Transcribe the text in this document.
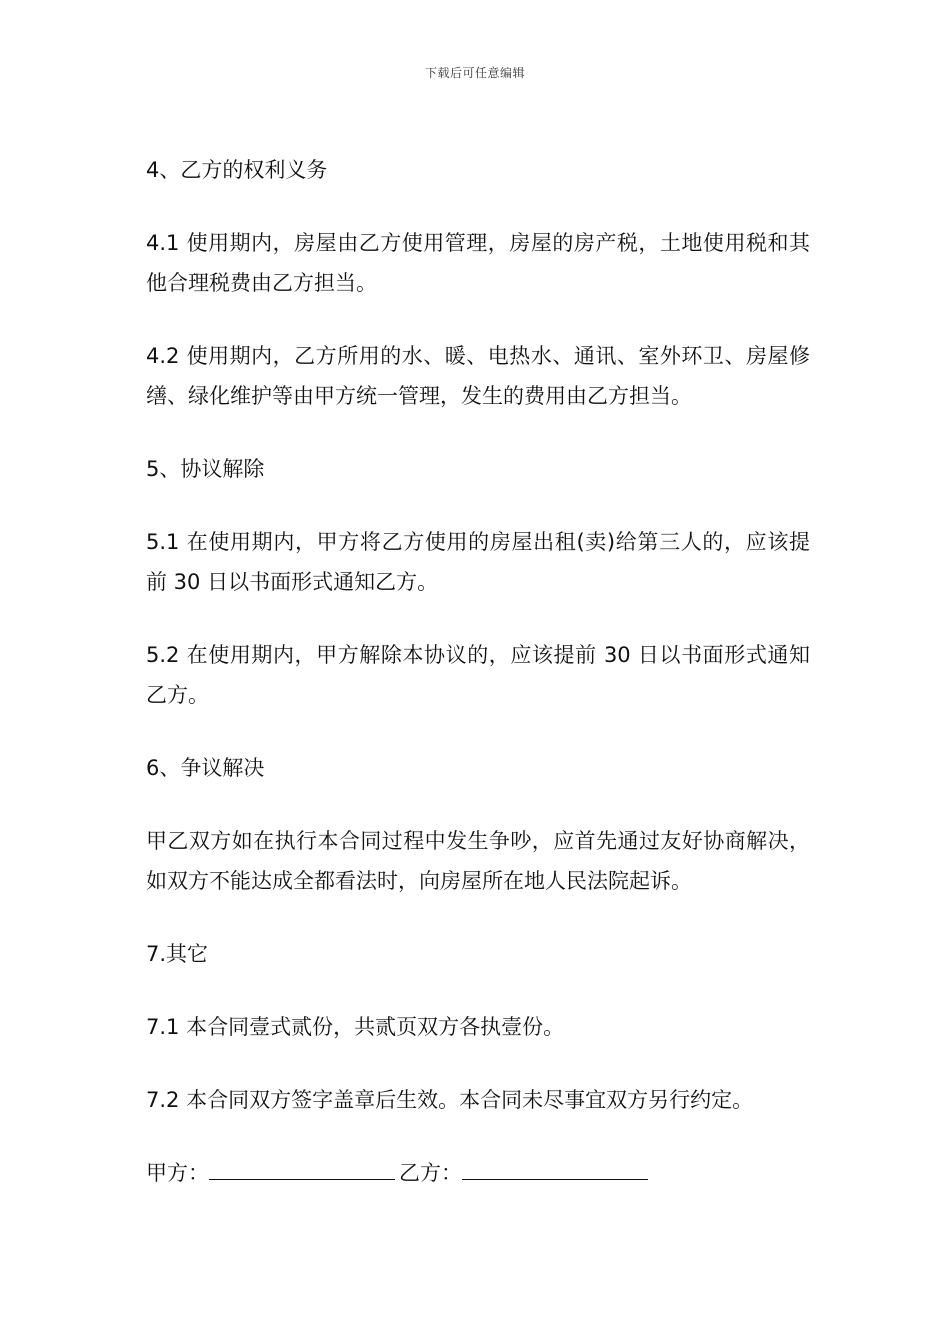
下载后可任意编辑

4、乙方的权利义务

4.1 使用期内，房屋由乙方使用管理，房屋的房产税，土地使用税和其他合理税费由乙方担当。

4.2 使用期内，乙方所用的水、暖、电热水、通讯、室外环卫、房屋修缮、绿化维护等由甲方统一管理，发生的费用由乙方担当。

5、协议解除

5.1 在使用期内，甲方将乙方使用的房屋出租(卖)给第三人的，应该提前 30 日以书面形式通知乙方。

5.2 在使用期内，甲方解除本协议的，应该提前 30 日以书面形式通知乙方。

6、争议解决

甲乙双方如在执行本合同过程中发生争吵，应首先通过友好协商解决，如双方不能达成全都看法时，向房屋所在地人民法院起诉。

7.其它

7.1 本合同壹式贰份，共贰页双方各执壹份。

7.2 本合同双方签字盖章后生效。本合同未尽事宜双方另行约定。

甲方：	乙方：
